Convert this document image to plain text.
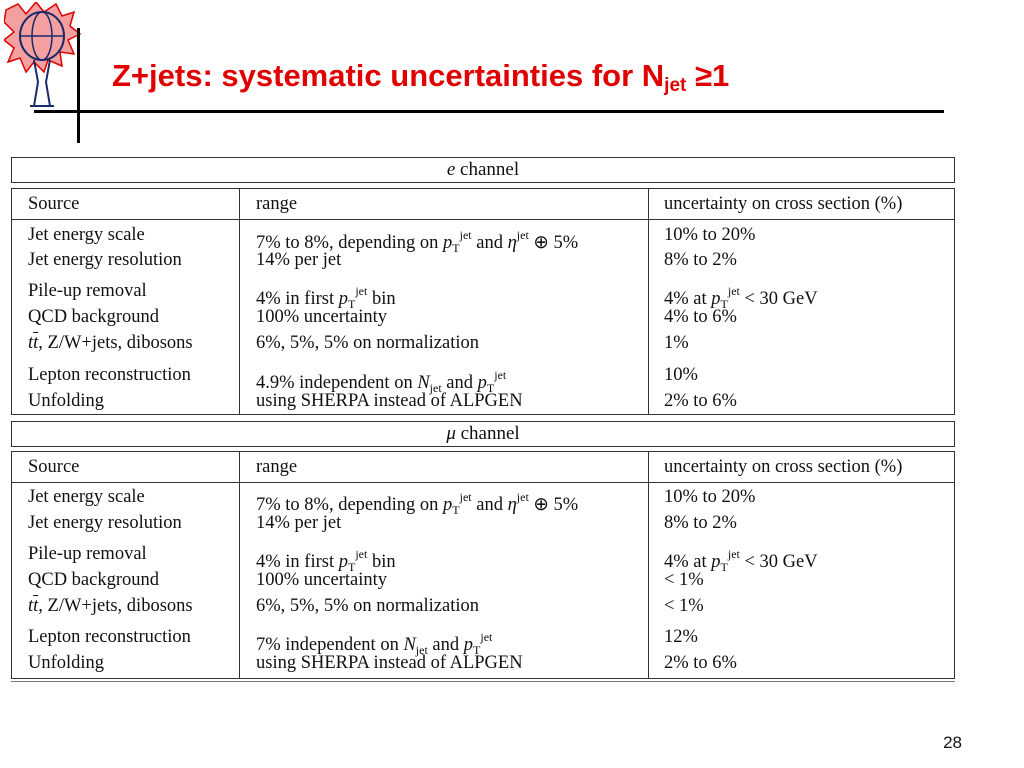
Z+jets: systematic uncertainties for $N_{jet} \ge 1$
e channel
Source	range	uncertainty on cross section (%)
Jet energy scale	7% to 8%, depending on $p_T^{jet}$ and $\eta^{jet}$ ⊕ 5%	10% to 20%
Jet energy resolution	14% per jet	8% to 2%
Pile-up removal	4% in first $p_T^{jet}$ bin	4% at $p_T^{jet} < 30$ GeV
QCD background	100% uncertainty	4% to 6%
$t\overline{t}$, Z/W+jets, dibosons	6%, 5%, 5% on normalization	1%
Lepton reconstruction	4.9% independent on $N_{jet}$ and $p_T^{jet}$	10%
Unfolding	using SHERPA instead of ALPGEN	2% to 6%
μ channel
Source	range	uncertainty on cross section (%)
Jet energy scale	7% to 8%, depending on $p_T^{jet}$ and $\eta^{jet}$ ⊕ 5%	10% to 20%
Jet energy resolution	14% per jet	8% to 2%
Pile-up removal	4% in first $p_T^{jet}$ bin	4% at $p_T^{jet} < 30$ GeV
QCD background	100% uncertainty	< 1%
$t\overline{t}$, Z/W+jets, dibosons	6%, 5%, 5% on normalization	< 1%
Lepton reconstruction	7% independent on $N_{jet}$ and $p_T^{jet}$	12%
Unfolding	using SHERPA instead of ALPGEN	2% to 6%
28
